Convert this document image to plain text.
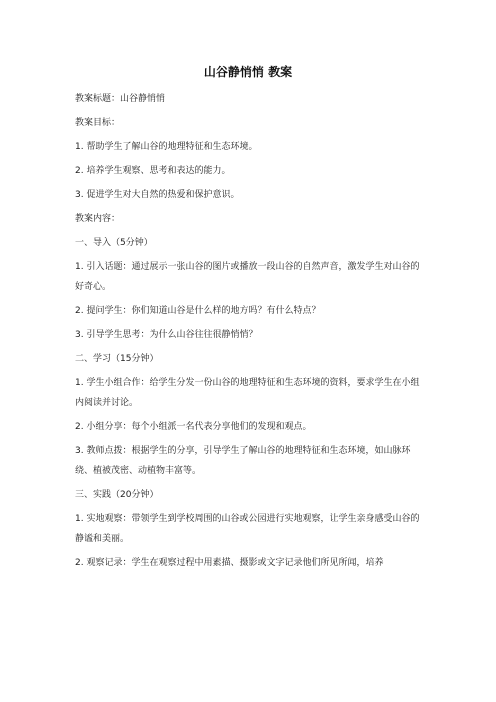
山谷静悄悄 教案
教案标题：山谷静悄悄
教案目标：
1. 帮助学生了解山谷的地理特征和生态环境。
2. 培养学生观察、思考和表达的能力。
3. 促进学生对大自然的热爱和保护意识。
教案内容：
一、导入（5分钟）
1. 引入话题：通过展示一张山谷的图片或播放一段山谷的自然声音，激发学生对山谷的好奇心。
2. 提问学生：你们知道山谷是什么样的地方吗？有什么特点？
3. 引导学生思考：为什么山谷往往很静悄悄？
二、学习（15分钟）
1. 学生小组合作：给学生分发一份山谷的地理特征和生态环境的资料，要求学生在小组内阅读并讨论。
2. 小组分享：每个小组派一名代表分享他们的发现和观点。
3. 教师点拨：根据学生的分享，引导学生了解山谷的地理特征和生态环境，如山脉环绕、植被茂密、动植物丰富等。
三、实践（20分钟）
1. 实地观察：带领学生到学校周围的山谷或公园进行实地观察，让学生亲身感受山谷的静谧和美丽。
2. 观察记录：学生在观察过程中用素描、摄影或文字记录他们所见所闻，培养
